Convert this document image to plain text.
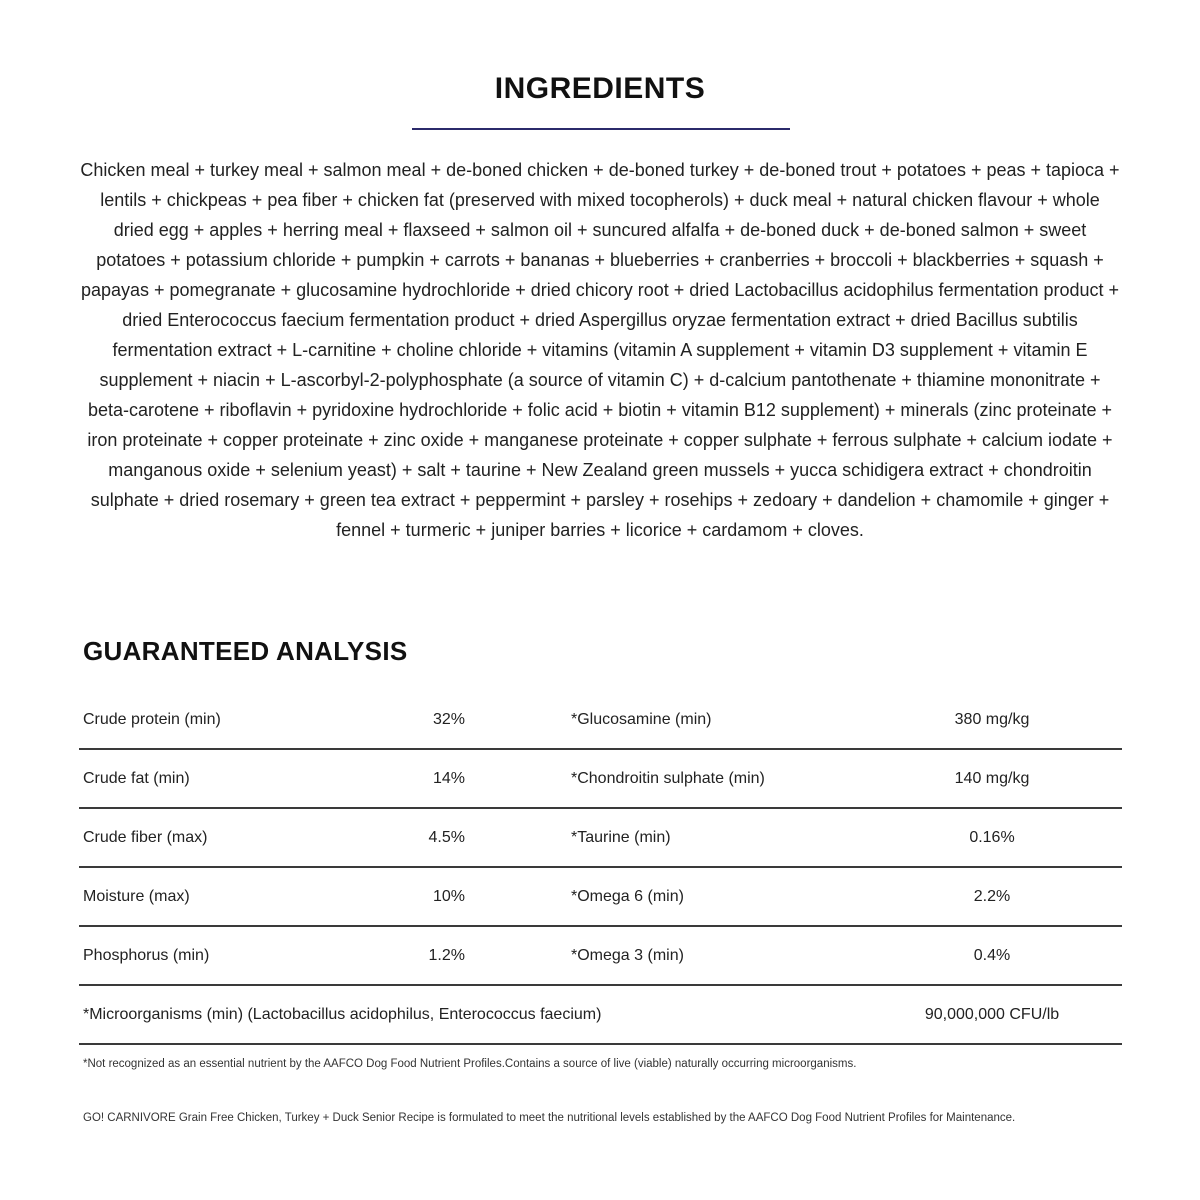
INGREDIENTS

Chicken meal + turkey meal + salmon meal + de-boned chicken + de-boned turkey + de-boned trout + potatoes + peas + tapioca + lentils + chickpeas + pea fiber + chicken fat (preserved with mixed tocopherols) + duck meal + natural chicken flavour + whole dried egg + apples + herring meal + flaxseed + salmon oil + suncured alfalfa + de-boned duck + de-boned salmon + sweet potatoes + potassium chloride + pumpkin + carrots + bananas + blueberries + cranberries + broccoli + blackberries + squash + papayas + pomegranate + glucosamine hydrochloride + dried chicory root + dried Lactobacillus acidophilus fermentation product + dried Enterococcus faecium fermentation product + dried Aspergillus oryzae fermentation extract + dried Bacillus subtilis fermentation extract + L-carnitine + choline chloride + vitamins (vitamin A supplement + vitamin D3 supplement + vitamin E supplement + niacin + L-ascorbyl-2-polyphosphate (a source of vitamin C) + d-calcium pantothenate + thiamine mononitrate + beta-carotene + riboflavin + pyridoxine hydrochloride + folic acid + biotin + vitamin B12 supplement) + minerals (zinc proteinate + iron proteinate + copper proteinate + zinc oxide + manganese proteinate + copper sulphate + ferrous sulphate + calcium iodate + manganous oxide + selenium yeast) + salt + taurine + New Zealand green mussels + yucca schidigera extract + chondroitin sulphate + dried rosemary + green tea extract + peppermint + parsley + rosehips + zedoary + dandelion + chamomile + ginger + fennel + turmeric + juniper barries + licorice + cardamom + cloves.

GUARANTEED ANALYSIS
Crude protein (min)	32%	*Glucosamine (min)	380 mg/kg
Crude fat (min)	14%	*Chondroitin sulphate (min)	140 mg/kg
Crude fiber (max)	4.5%	*Taurine (min)	0.16%
Moisture (max)	10%	*Omega 6 (min)	2.2%
Phosphorus (min)	1.2%	*Omega 3 (min)	0.4%
*Microorganisms (min) (Lactobacillus acidophilus, Enterococcus faecium)	90,000,000 CFU/lb

*Not recognized as an essential nutrient by the AAFCO Dog Food Nutrient Profiles.Contains a source of live (viable) naturally occurring microorganisms.

GO! CARNIVORE Grain Free Chicken, Turkey + Duck Senior Recipe is formulated to meet the nutritional levels established by the AAFCO Dog Food Nutrient Profiles for Maintenance.
